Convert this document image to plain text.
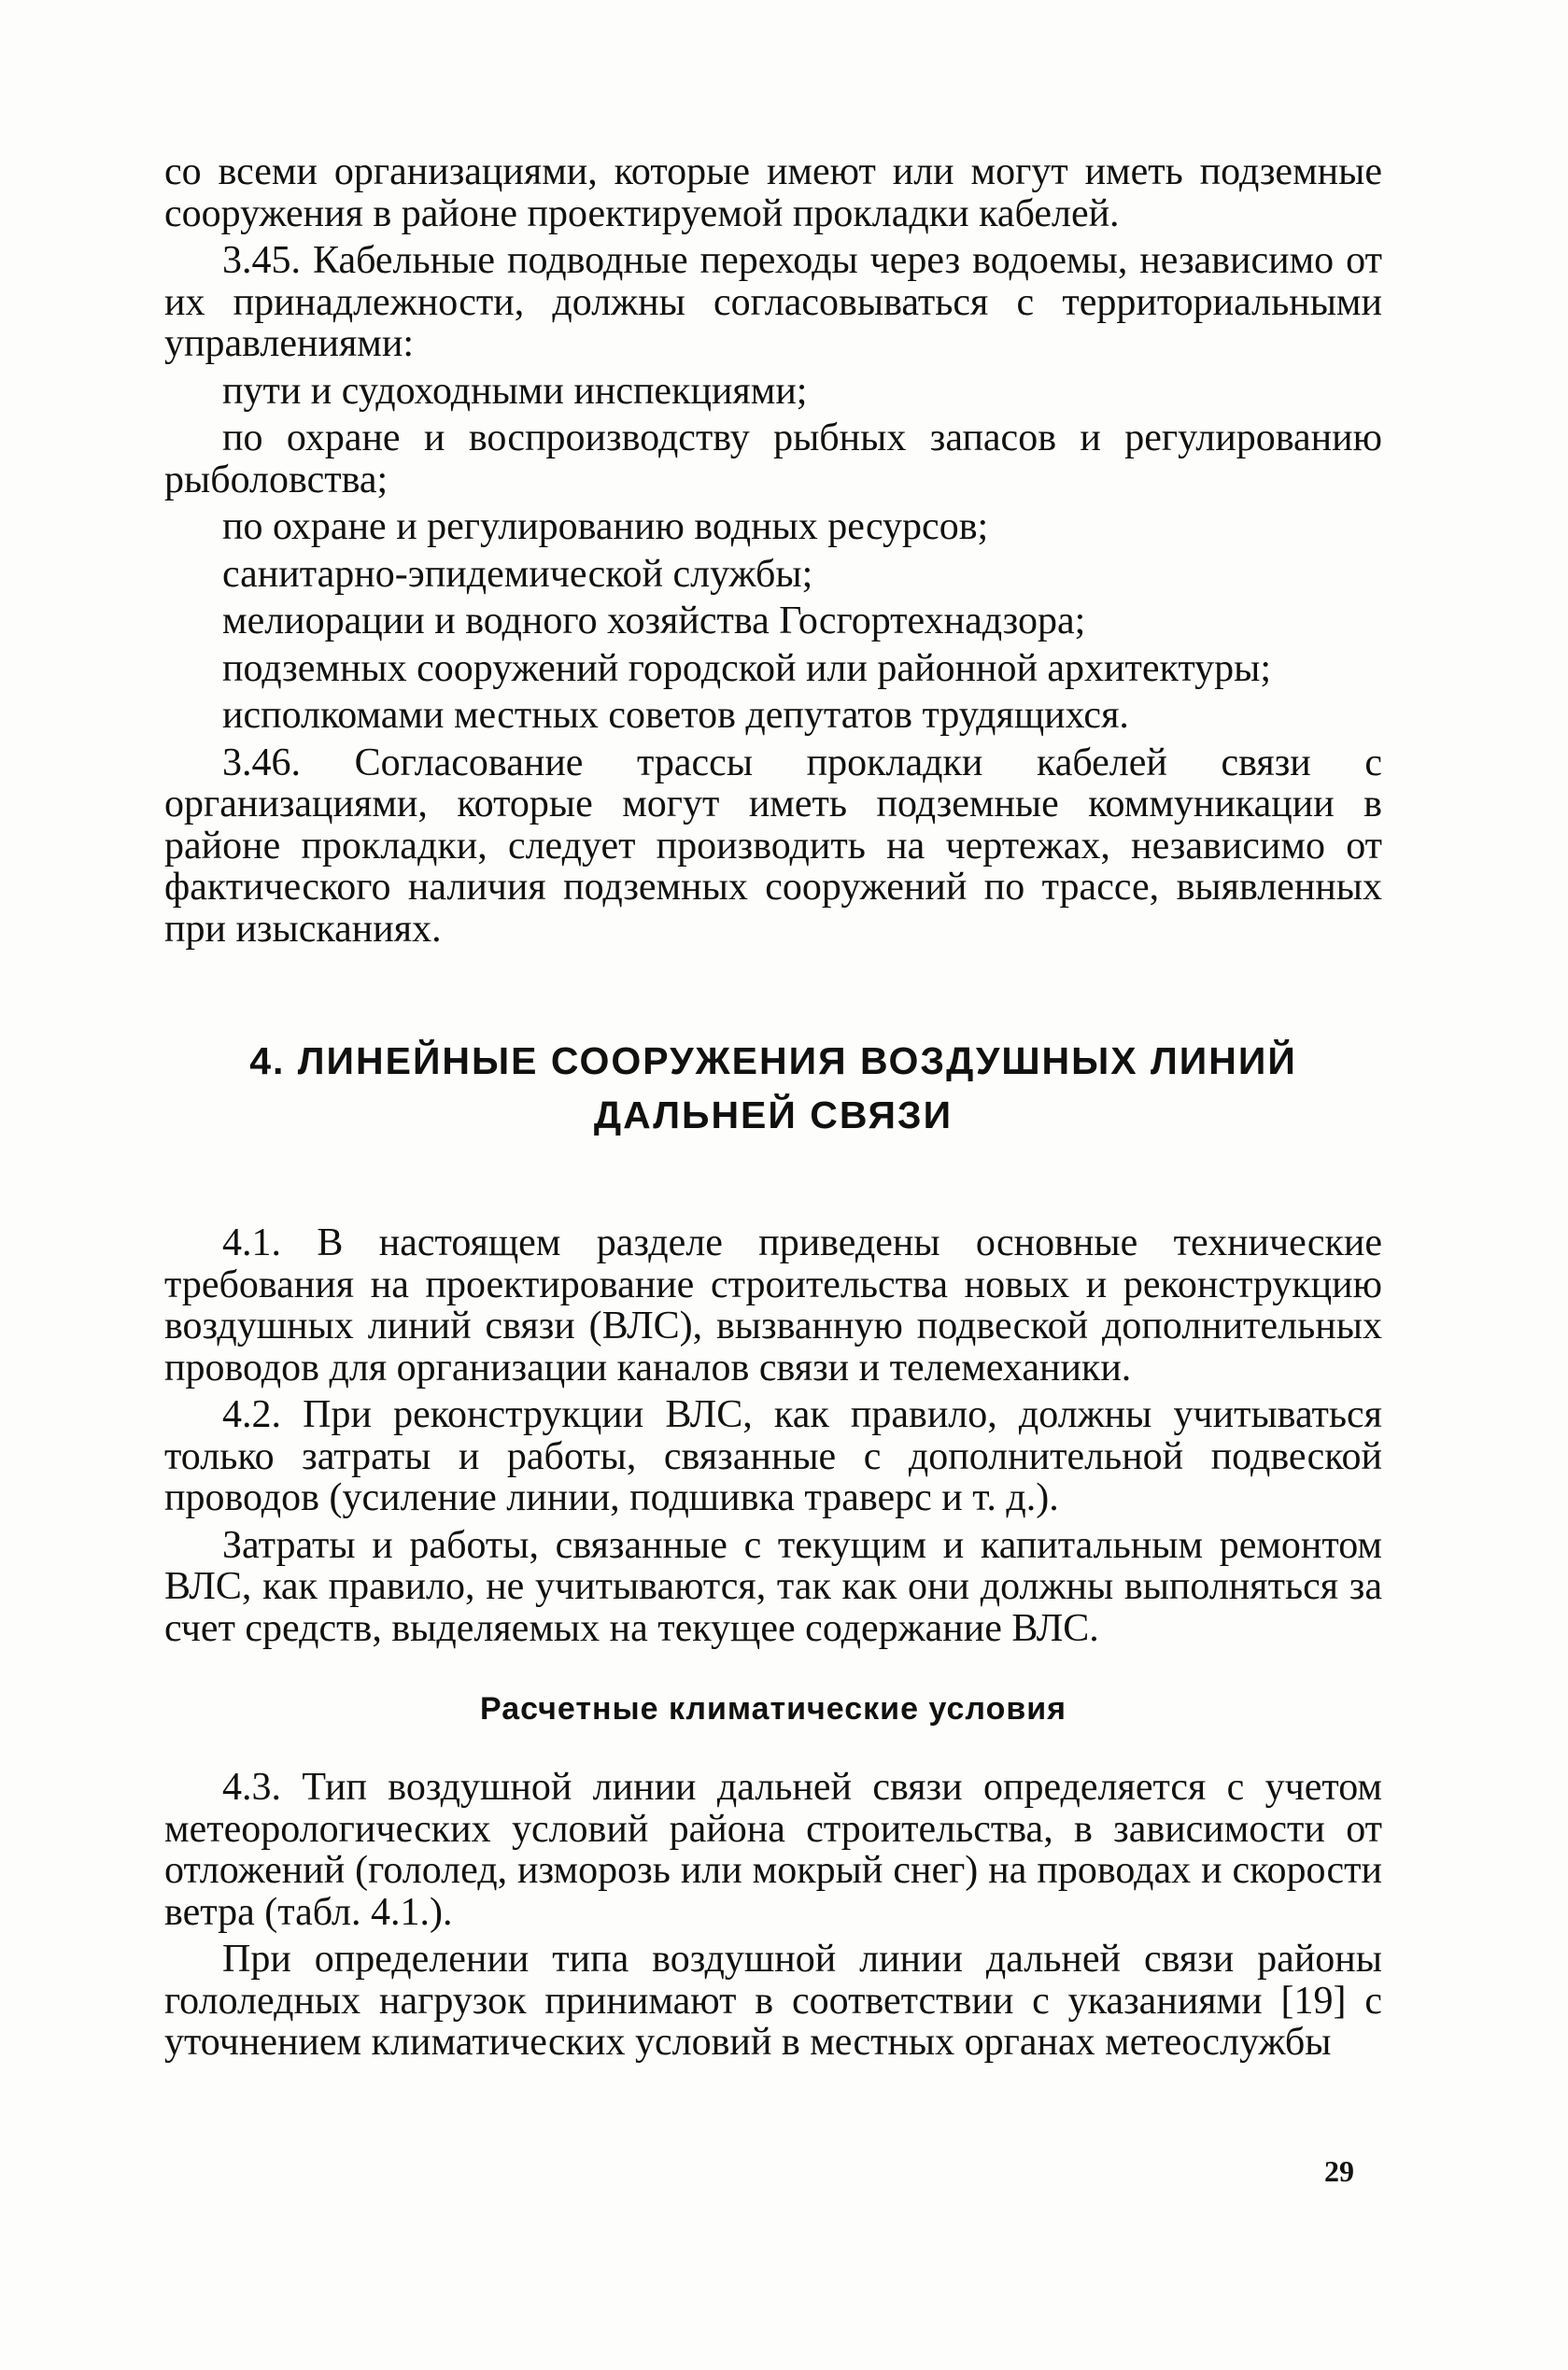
со всеми организациями, которые имеют или могут иметь подземные сооружения в районе проектируемой прокладки кабелей.

3.45. Кабельные подводные переходы через водоемы, независимо от их принадлежности, должны согласовываться с территориальными управлениями:

пути и судоходными инспекциями;

по охране и воспроизводству рыбных запасов и регулированию рыболовства;

по охране и регулированию водных ресурсов;

санитарно-эпидемической службы;

мелиорации и водного хозяйства Госгортехнадзора;

подземных сооружений городской или районной архитектуры;

исполкомами местных советов депутатов трудящихся.

3.46. Согласование трассы прокладки кабелей связи с организациями, которые могут иметь подземные коммуникации в районе прокладки, следует производить на чертежах, независимо от фактического наличия подземных сооружений по трассе, выявленных при изысканиях.

4. ЛИНЕЙНЫЕ СООРУЖЕНИЯ ВОЗДУШНЫХ ЛИНИЙ
ДАЛЬНЕЙ СВЯЗИ

4.1. В настоящем разделе приведены основные технические требования на проектирование строительства новых и реконструкцию воздушных линий связи (ВЛС), вызванную подвеской дополнительных проводов для организации каналов связи и телемеханики.

4.2. При реконструкции ВЛС, как правило, должны учитываться только затраты и работы, связанные с дополнительной подвеской проводов (усиление линии, подшивка траверс и т. д.).

Затраты и работы, связанные с текущим и капитальным ремонтом ВЛС, как правило, не учитываются, так как они должны выполняться за счет средств, выделяемых на текущее содержание ВЛС.

Расчетные климатические условия

4.3. Тип воздушной линии дальней связи определяется с учетом метеорологических условий района строительства, в зависимости от отложений (гололед, изморозь или мокрый снег) на проводах и скорости ветра (табл. 4.1.).

При определении типа воздушной линии дальней связи районы гололедных нагрузок принимают в соответствии с указаниями [19] с уточнением климатических условий в местных органах метеослужбы

29
